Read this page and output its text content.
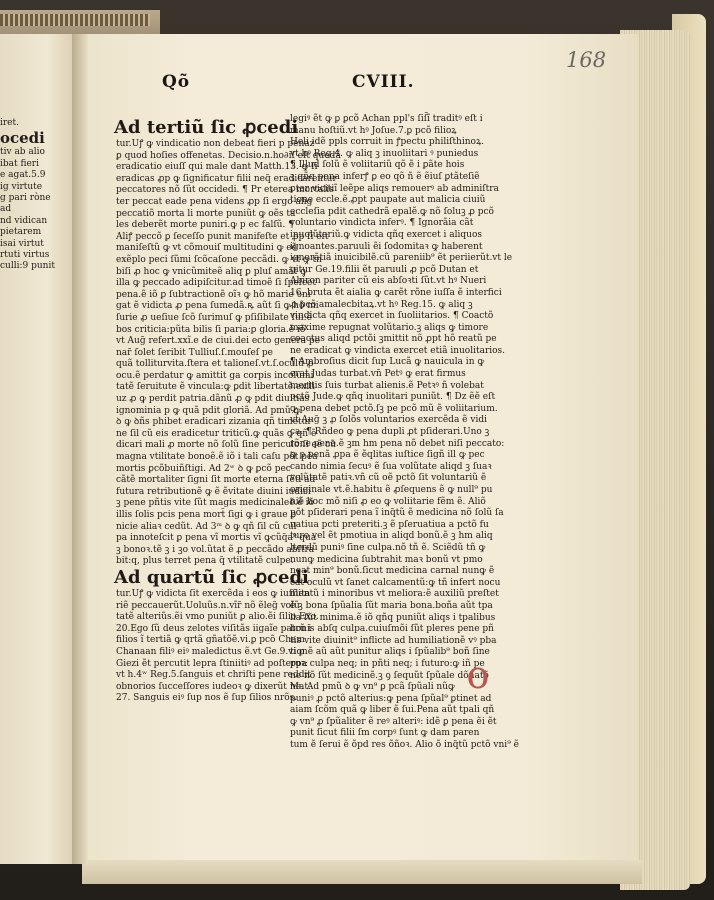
iret.
ocedi
tiv ab alio
ibat fieri
e agat.5.9
ig virtute
g pari ròne
ad
nd vidican
pietarem
isai virtut
rtuti virtus
culli:9 punit
Qõ	CVIII.
168
Ad tertiũ ſic ꝓcedi
tur.Uꝭ ꝙ vindicatio non debeat fieri p penaz
ꝑ quod hoſies offenetas. Decisio.n.ho∂iſ eſt quedã
eradicatio eiuſſ qui male dant Matth.13. ꝙ ſi
eradicas ꝓp ꝙ ſignificatur filii neq̃ eradicarentur
peccatores nõ ſũt occidedi. ¶ Pr eterea mortalis
ter peccat eade pena videns ꝓp ſi ergo alig
peccatiõ morta li morte puniũt ꝙ oẽs ta
les deberẽt morte puniri.ꝙ p ec falſũ. ¶
Aliꝭ peccõ ꝑ ſeceſſo punit manifeſte et ꝓp ſi eſt
maniſeſtũ ꝙ vt cõmouiſ multitudini ꝙ eẽ
exẽplo peci ſũmi ſcõcaſone peccãdi. ꝙ vt ꝙ tn
biſi ꝓ hoc ꝙ vnicũmiteẽ aliq ꝑ pluſ amãt ꝙ
illa ꝙ peccado adipiſcitur.ad timoẽ ſi ſpeſcet
pena.ẽ iõ ꝑ ſubtractionẽ oĩꝛ ꝙ hõ marie ʋni
gat ẽ vidicta ꝓ pena ſumedã.ꝶ aũt ſi ꝙ hõ mi
ſurie ꝓ ueſiue ſcõ ſurimuſ ꝙ pſiſibilate ſui:ẽ
bos criticia:pũta bilis ſi paria:ꝑ gloria.ẽ iõ
vt Aug̃ refert.xxĩ.e de ciui.dei ecto genera pe
nar̃ ſolet ſeribit Tulliuſ.ſ.mouſeſ pe
quã tolliturvita.ſtera et talioneſ.vt.ſ.oculũ ꝓ
ocu.ẽ perdatur ꝙ amittit ga corpis incolumi
tatẽ ſeruitute ẽ vincula:ꝙ ꝑdit libertatẽ.exili
uz ꝓ ꝙ perdit patria.dãnũ ꝓ ꝙ pdit diuitias
ignominia p ꝙ quã pdit gloriã. Ad pmũ ꝙ
ꝺ ꝙ ꝺñs phibet eradicari zizania qñ timetur
ne ſil cũ eis eradicetur triticũ.ꝙ quãs ꝙ qñ ẽ
dicari mali ꝓ morte nõ ſolũ ſine periculo:ſi eẽ cũ
magna vtilitate bonoẽ.ẽ iõ i tali caſu põt pẽa
mortis ꝑcõbuiñſtigi. Ad 2ʷ ꝺ ꝙ ꝑcõ pec
cãtẽ mortaliter ſigni ſit morte eterna ſẽti ad
futura retributionẽ ꝙ ẽ ẽvitate diuini iudici
ꝫ pene pñtis vite ſũt magis medicinaleẽ.ẽ iõ
illis ſolis pcis pena mort̃ ſigi ꝙ i graue ꝑ
nicie aliaꝛ cedũt. Ad 3ᵐ ꝺ ꝙ qñ ſil cũ cul
pa innoteſcit ꝑ pena vĩ mortis vĩ ꝙcũq̃a⁹ qua
ꝫ bonoꝛ.tẽ ꝫ i ꝫo vol.ũtat ẽ ꝓ peccãdo abſtra
bit:q, plus terret pena q̃ vtilitatẽ culpe.
Ad quartũ ſic ꝓcedi
tur.Uꝭ ꝙ vidicta ſit exercẽda i eos ꝙ iuſſlita
riẽ peccauerũt.Uoluũs.n.vĩr̃ nõ ẽleg̃ volũ
tatẽ alteriũs.ẽi vmo puniũt ꝑ alio.ẽi ſilio Exo.
20.Ego ſũ deus zelotes viſitãs iigaĩe patrũ i
filios ĩ tertiã ꝙ qrtã gñatõẽ.vi.ꝑ pcõ Cham
Chanaan filiꝰ eiꝰ maledictus ẽ.vt Ge.9.vi ꝑ
Giezi ẽt percutit lepra ſtiniitiꝰ ad poſteroꝛ:
vt h.4ʷ Reg.5.ſanguis et chriſti pene reddit
obnorios ſucceſſores iudeoꝛ ꝙ dixerũt Mat.
27. Sanguis eiꝰ ſup nos ẽ ſup ſilios nrõs.
legiꝰ ẽt ꝙ ꝑ ꝑcõ Achan ppl's ſiſ̃ĩ traditꝰ eſt i
manu hoſtiũ.vt hꝰ Joſue.7.ꝑ pcõ filioꝝ
Heli idẽ ppls corruit in ꝭpectu philiſthinoꝝ.
vt hꝰ Reg.4. ꝙ aliq ꝫ inuoliitari ꝰ puniedus
¶ Illud ſolũ ẽ voliitariũ qõ ẽ i ꝑãte hois
ꝫ qñq pena inferꝭ ꝑ eo qõ ñ ẽ ẽiuſ ꝑtãteſiẽ
ꝑter vicitiĩ leẽpe aliqs remouerꝰ ab adminiſtra
tione eccle.ẽ.ꝓpt paupate aut malicia ciuiũ
eccleſia pdit cathedrã epalẽ.ꝙ nõ ſoluꝫ ꝓ pcõ
voluntario vindicta inferꝰ. ¶ Ignorãia cãt
inuolũtariũ.ꝙ vidicta qñq exercet i aliquos
ignoantes.paruuli ẽi ſodomitaꝛ ꝙ haberent
ignorãtiã inuicibilẽ.cũ pareniib⁹ ẽt periierũt.vt le
gitur Ge.19.filii ẽt paruuli ꝓ pcõ Dutan et
Abiron pariter cũ eis abſoꝛti ſũt.vt hꝰ Nueri
16. bruta ẽt aialia ꝙ carẽt rõne iuſſa ẽ interfici
ꝓ pcõ amalecbitaꝝ.vt hꝰ Reg.15. ꝙ aliq ꝫ
vindicta qñq exercet in ſuoliitarios. ¶ Coactõ
maxime repugnat volũtario.ꝫ aliqs ꝙ timore
coactus aliqd pctõi ꝫmittit nõ ꝓpt hõ reatũ pe
ne eradicat ꝙ vindicta exercet etiã inuolitarios.
¶ Ambroſius dicit ſup Lucã ꝙ nauicula in ꝙ
erat Judas turbat.vn̄ Petꝰ ꝙ erat firmus
meritis ſuis turbat alienis.ẽ Petꝛꝰ ñ volebat
pctõ Jude.ꝙ qñq inuolitari puniũt. ¶ Dz ẽẽ eſt
ꝙ pena debet pctõ.ſꝫ pe pcõ mũ ẽ voliitarium.
vt Aug̃ ꝫ ꝓ ſolõs voluntarios exercẽda ẽ vidi
ca. ¶ Rñdeo ꝙ pena dupli ꝓt pſiderari.Uno ꝫ
rõne pene.ẽ ꝫm hm pena nõ debet niſi peccato:
ꝙ ꝑ penã ꝓpa ẽ ẽqlitas iuſtice ſigñ ill ꝙ pec
cando nimia ſecuꝰ ẽ ſua volũtate aliqd ꝫ ſuaꝛ
volũtatẽ patiꝛ.vñ cũ oẽ pctõ ſit voluntariũ ẽ
originale vt.ẽ.habitu ẽ ꝓſequens ẽ ꝙ null⁹ pu
niẽ hoc mõ niſi ꝓ eo ꝙ voliitarie fẽm ẽ. Aliõ
põt pſiderari pena ĩ inq̃tũ ẽ medicina nõ ſolũ ſa
natiua pcti preteriti.ꝫ ẽ pſeruatiua a pctõ fu
turo vel ẽt pmotiua in aliqd bonũ.ẽ ꝫ hm aliq
lterdũ puniꝰ ſine culpa.nõ tñ ẽ. Sciẽdũ tñ ꝙ
nunꝙ medicina ſubtrahit maꝛ bonũ vt pmo
neat min⁹ bonũ.ſicut medicina carnal nunꝙ ẽ
cat oculũ vt ſanet calcamentũ:ꝙ tñ infert nocu
mentũ i minoribus vt meliora:ẽ auxiliũ preſtet
ẽ ꝫ bona ſpũalia ſũt maria bona.boña aũt tpa
lia ſũt minima.ẽ iõ qñq puniũt aliqs i tpalibus
bonis abſq culpa.cuiuſmõi ſũt pleres pene pñ
tis vite diuinit⁹ inflicte ad humiliationẽ vꝰ pba
tionẽ aũ aũt punitur aliqs i ſpũalib⁹ boñ ſine
ppa culpa neq; in pñti neq; i futuro:ꝙ iñ pe
ne nõ ſũt medicinẽ.ꝫ ꝯ ſequũt ſpũale dõnatõ
ne. Ad pmũ ꝺ ꝙ vn⁹ ꝑ pcã ſpũali nũꝙ
puniꝰ ꝓ pctõ alterius:ꝙ pena ſpũal⁹ ꝑtinet ad
aiam ſcõm quã ꝙ liber ẽ ſui.Pena aũt tpali qñ
ꝙ vn⁹ ꝓ ſpũaliter ẽ reꝰ alteriꝰ: idẽ ꝑ pena ẽi ẽt
punit ſicut filii ſm corpꝰ ſunt ꝙ dam paren
tum ẽ ſerui ẽ õpd res õñoꝛ. Alio õ inq̃tũ pctõ vni⁹ ẽ
o
